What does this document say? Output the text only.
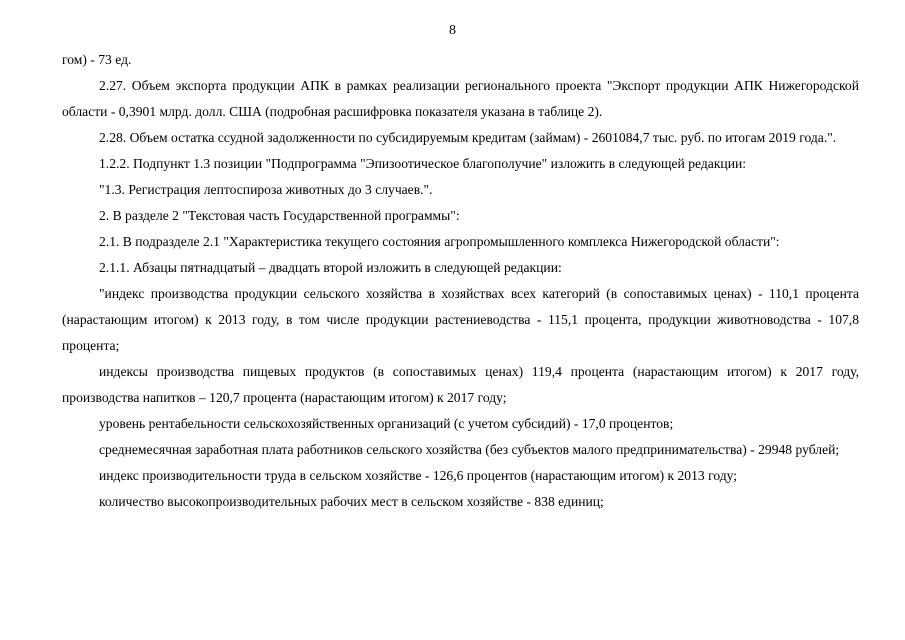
8

гом) - 73 ед.

2.27. Объем экспорта продукции АПК в рамках реализации регионального проекта "Экспорт продукции АПК Нижегородской области - 0,3901 млрд. долл. США (подробная расшифровка показателя указана в таблице 2).

2.28. Объем остатка ссудной задолженности по субсидируемым кредитам (займам) - 2601084,7 тыс. руб. по итогам 2019 года.".

1.2.2. Подпункт 1.3 позиции "Подпрограмма "Эпизоотическое благополучие" изложить в следующей редакции:

"1.3. Регистрация лептоспироза животных до 3 случаев.".

2. В разделе 2 "Текстовая часть Государственной программы":

2.1. В подразделе 2.1 "Характеристика текущего состояния агропромышленного комплекса Нижегородской области":

2.1.1. Абзацы пятнадцатый – двадцать второй изложить в следующей редакции:

"индекс производства продукции сельского хозяйства в хозяйствах всех категорий (в сопоставимых ценах) - 110,1 процента (нарастающим итогом) к 2013 году, в том числе продукции растениеводства - 115,1 процента, продукции животноводства - 107,8 процента;

индексы производства пищевых продуктов (в сопоставимых ценах) 119,4 процента (нарастающим итогом) к 2017 году, производства напитков – 120,7 процента (нарастающим итогом) к 2017 году;

уровень рентабельности сельскохозяйственных организаций (с учетом субсидий) - 17,0 процентов;

среднемесячная заработная плата работников сельского хозяйства (без субъектов малого предпринимательства) - 29948 рублей;

индекс производительности труда в сельском хозяйстве - 126,6 процентов (нарастающим итогом) к 2013 году;

количество высокопроизводительных рабочих мест в сельском хозяйстве - 838 единиц;
